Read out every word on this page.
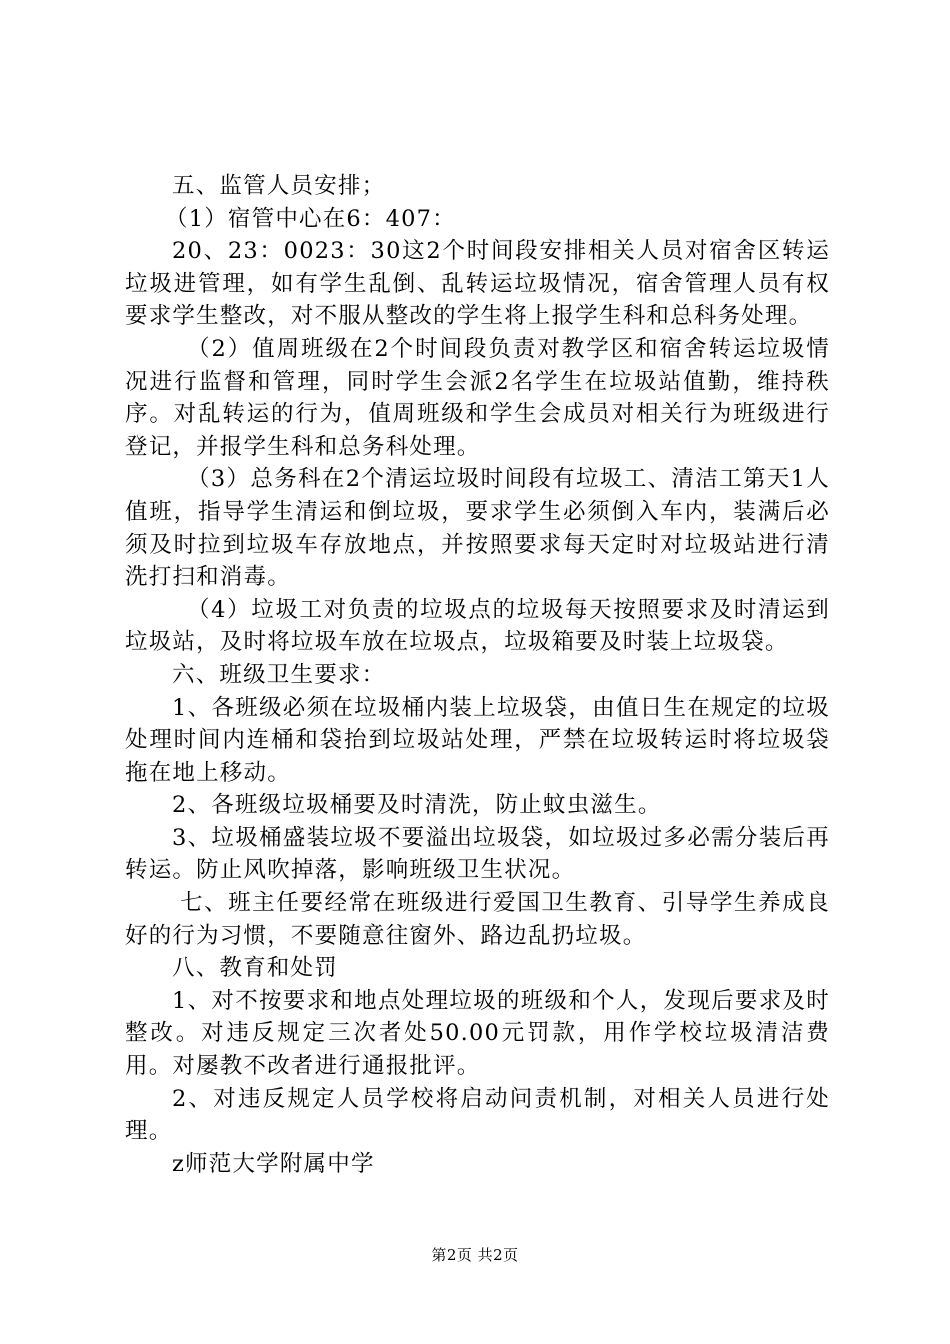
五、监管人员安排；

（1）宿管中心在6：407：

20、23：0023：30这2个时间段安排相关人员对宿舍区转运垃圾进管理，如有学生乱倒、乱转运垃圾情况，宿舍管理人员有权要求学生整改，对不服从整改的学生将上报学生科和总科务处理。

（2）值周班级在2个时间段负责对教学区和宿舍转运垃圾情况进行监督和管理，同时学生会派2名学生在垃圾站值勤，维持秩序。对乱转运的行为，值周班级和学生会成员对相关行为班级进行登记，并报学生科和总务科处理。

（3）总务科在2个清运垃圾时间段有垃圾工、清洁工第天1人值班，指导学生清运和倒垃圾，要求学生必须倒入车内，装满后必须及时拉到垃圾车存放地点，并按照要求每天定时对垃圾站进行清洗打扫和消毒。

（4）垃圾工对负责的垃圾点的垃圾每天按照要求及时清运到垃圾站，及时将垃圾车放在垃圾点，垃圾箱要及时装上垃圾袋。

六、班级卫生要求：

1、各班级必须在垃圾桶内装上垃圾袋，由值日生在规定的垃圾处理时间内连桶和袋抬到垃圾站处理，严禁在垃圾转运时将垃圾袋拖在地上移动。

2、各班级垃圾桶要及时清洗，防止蚊虫滋生。

3、垃圾桶盛装垃圾不要溢出垃圾袋，如垃圾过多必需分装后再转运。防止风吹掉落，影响班级卫生状况。

七、班主任要经常在班级进行爱国卫生教育、引导学生养成良好的行为习惯，不要随意往窗外、路边乱扔垃圾。

八、教育和处罚

1、对不按要求和地点处理垃圾的班级和个人，发现后要求及时整改。对违反规定三次者处50.00元罚款，用作学校垃圾清洁费用。对屡教不改者进行通报批评。

2、对违反规定人员学校将启动问责机制，对相关人员进行处理。

z师范大学附属中学

第2页 共2页
